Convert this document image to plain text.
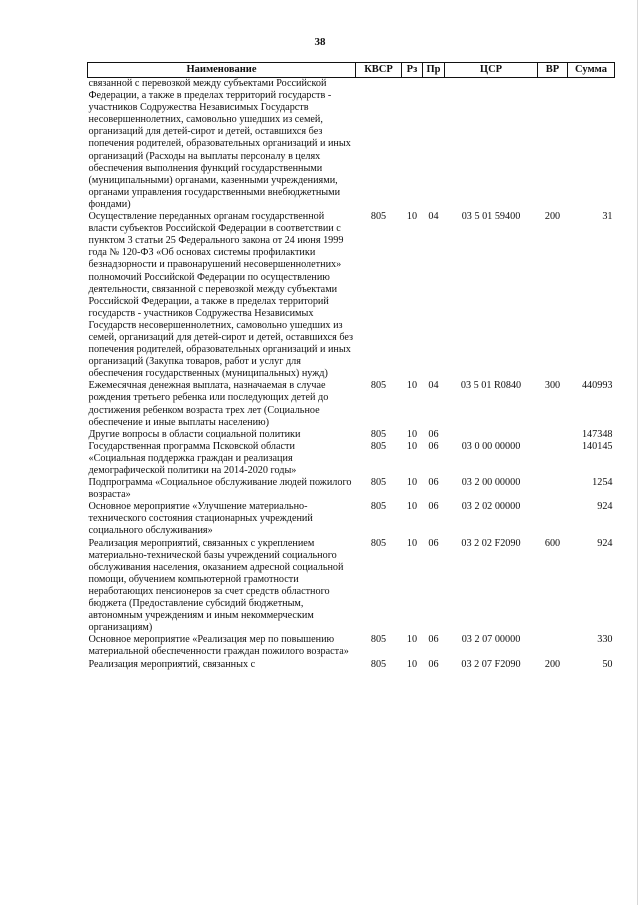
38
Наименование	КВСР	Рз	Пр	ЦСР	ВР	Сумма
связанной с перевозкой между субъектами Российской Федерации, а также в пределах территорий государств - участников Содружества Независимых Государств несовершеннолетних, самовольно ушедших из семей, организаций для детей-сирот и детей, оставшихся без попечения родителей, образовательных организаций и иных организаций (Расходы на выплаты персоналу в целях обеспечения выполнения функций государственными (муниципальными) органами, казенными учреждениями, органами управления государственными внебюджетными фондами)						
Осуществление переданных органам государственной власти субъектов Российской Федерации в соответствии с пунктом 3 статьи 25 Федерального закона от 24 июня 1999 года № 120-ФЗ «Об основах системы профилактики безнадзорности и правонарушений несовершеннолетних» полномочий Российской Федерации по осуществлению деятельности, связанной с перевозкой между субъектами Российской Федерации, а также в пределах территорий государств - участников Содружества Независимых Государств несовершеннолетних, самовольно ушедших из семей, организаций для детей-сирот и детей, оставшихся без попечения родителей, образовательных организаций и иных организаций (Закупка товаров, работ и услуг для обеспечения государственных (муниципальных) нужд)	805	10	04	03 5 01 59400	200	31
Ежемесячная денежная выплата, назначаемая в случае рождения третьего ребенка или последующих детей до достижения ребенком возраста трех лет (Социальное обеспечение и иные выплаты населению)	805	10	04	03 5 01 R0840	300	440993
Другие вопросы в области социальной политики	805	10	06			147348
Государственная программа Псковской области «Социальная поддержка граждан и реализация демографической политики на 2014-2020 годы»	805	10	06	03 0 00 00000		140145
Подпрограмма «Социальное обслуживание людей пожилого возраста»	805	10	06	03 2 00 00000		1254
Основное мероприятие «Улучшение материально-технического состояния стационарных учреждений социального обслуживания»	805	10	06	03 2 02 00000		924
Реализация мероприятий, связанных с укреплением материально-технической базы учреждений социального обслуживания населения, оказанием адресной социальной помощи, обучением компьютерной грамотности неработающих пенсионеров за счет средств областного бюджета (Предоставление субсидий бюджетным, автономным учреждениям и иным некоммерческим организациям)	805	10	06	03 2 02 F2090	600	924
Основное мероприятие «Реализация мер по повышению материальной обеспеченности граждан пожилого возраста»	805	10	06	03 2 07 00000		330
Реализация мероприятий, связанных с	805	10	06	03 2 07 F2090	200	50
